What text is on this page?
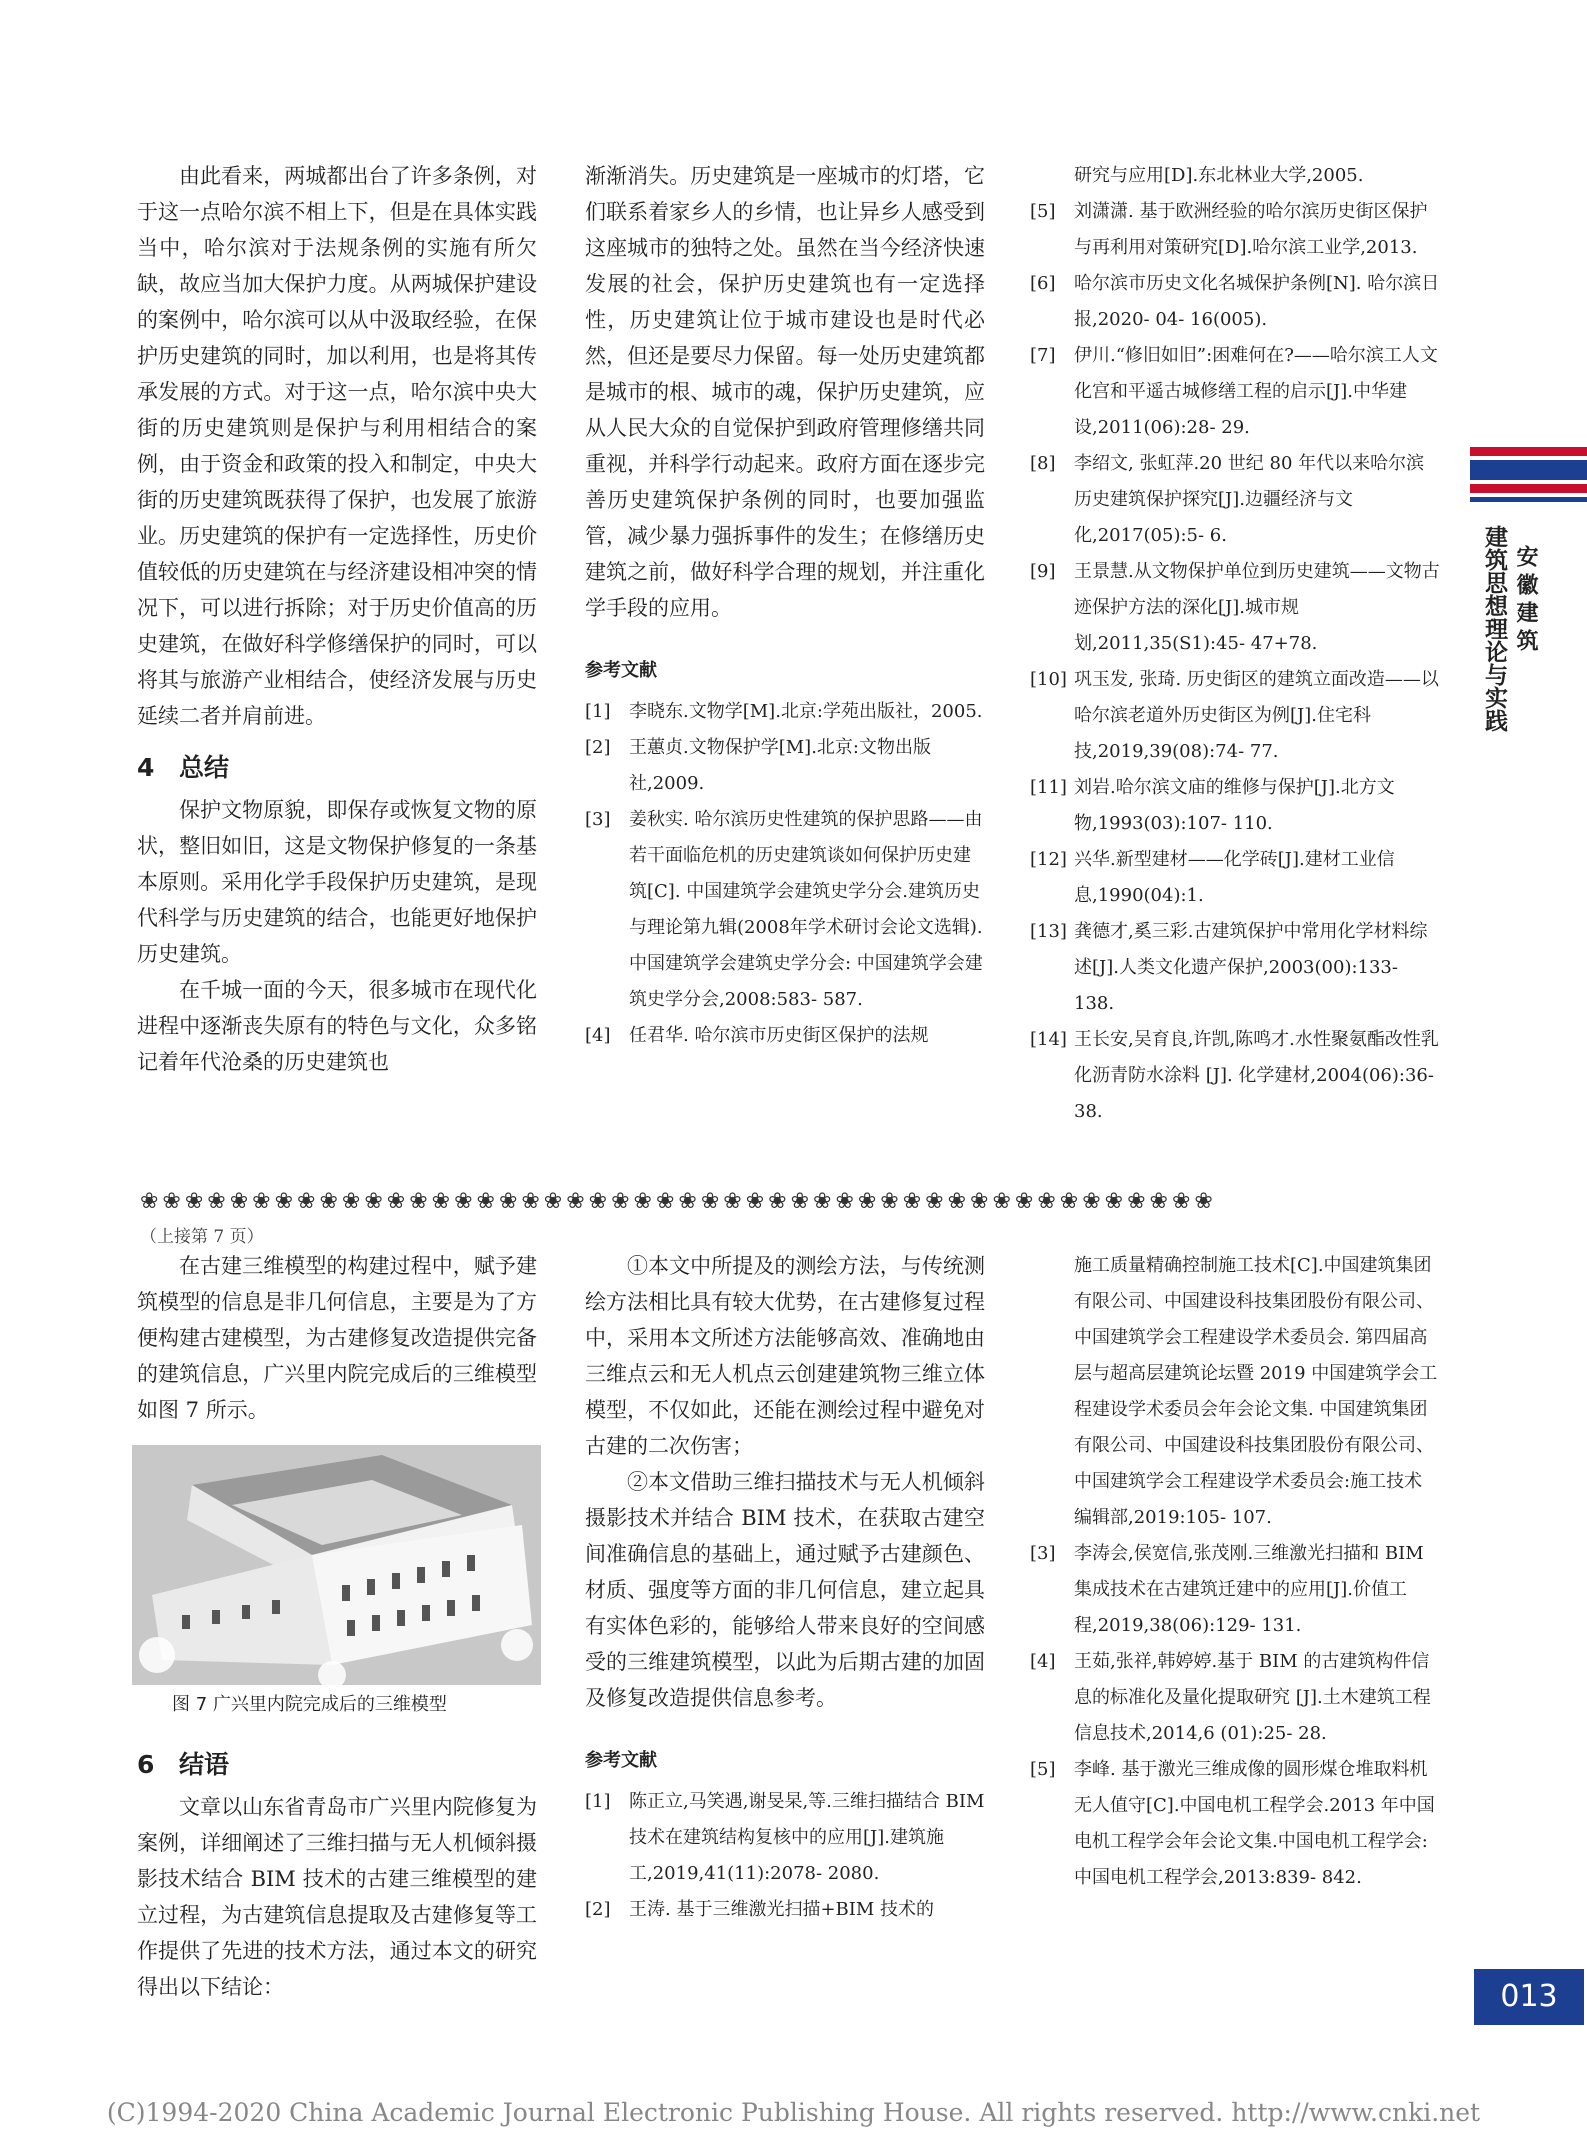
由此看来，两城都出台了许多条例，对于这一点哈尔滨不相上下，但是在具体实践当中，哈尔滨对于法规条例的实施有所欠缺，故应当加大保护力度。从两城保护建设的案例中，哈尔滨可以从中汲取经验，在保护历史建筑的同时，加以利用，也是将其传承发展的方式。对于这一点，哈尔滨中央大街的历史建筑则是保护与利用相结合的案例，由于资金和政策的投入和制定，中央大街的历史建筑既获得了保护，也发展了旅游业。历史建筑的保护有一定选择性，历史价值较低的历史建筑在与经济建设相冲突的情况下，可以进行拆除；对于历史价值高的历史建筑，在做好科学修缮保护的同时，可以将其与旅游产业相结合，使经济发展与历史延续二者并肩前进。

4 总结

保护文物原貌，即保存或恢复文物的原状，整旧如旧，这是文物保护修复的一条基本原则。采用化学手段保护历史建筑，是现代科学与历史建筑的结合，也能更好地保护历史建筑。

在千城一面的今天，很多城市在现代化进程中逐渐丧失原有的特色与文化，众多铭记着年代沧桑的历史建筑也

渐渐消失。历史建筑是一座城市的灯塔，它们联系着家乡人的乡情，也让异乡人感受到这座城市的独特之处。虽然在当今经济快速发展的社会，保护历史建筑也有一定选择性，历史建筑让位于城市建设也是时代必然，但还是要尽力保留。每一处历史建筑都是城市的根、城市的魂，保护历史建筑，应从人民大众的自觉保护到政府管理修缮共同重视，并科学行动起来。政府方面在逐步完善历史建筑保护条例的同时，也要加强监管，减少暴力强拆事件的发生；在修缮历史建筑之前，做好科学合理的规划，并注重化学手段的应用。

参考文献
[1]	李晓东.文物学[M].北京:学苑出版社，2005.
[2]	王蕙贞.文物保护学[M].北京:文物出版社,2009.
[3]	姜秋实. 哈尔滨历史性建筑的保护思路——由若干面临危机的历史建筑谈如何保护历史建筑[C]. 中国建筑学会建筑史学分会.建筑历史与理论第九辑(2008年学术研讨会论文选辑).中国建筑学会建筑史学分会: 中国建筑学会建筑史学分会,2008:583- 587.
[4]	任君华. 哈尔滨市历史街区保护的法规
研究与应用[D].东北林业大学,2005.
[5]	刘潇潇. 基于欧洲经验的哈尔滨历史街区保护与再利用对策研究[D].哈尔滨工业学,2013.
[6]	哈尔滨市历史文化名城保护条例[N]. 哈尔滨日报,2020- 04- 16(005).
[7]	伊川.“修旧如旧”:困难何在?——哈尔滨工人文化宫和平遥古城修缮工程的启示[J].中华建设,2011(06):28- 29.
[8]	李绍文, 张虹萍.20 世纪 80 年代以来哈尔滨历史建筑保护探究[J].边疆经济与文化,2017(05):5- 6.
[9]	王景慧.从文物保护单位到历史建筑——文物古迹保护方法的深化[J].城市规划,2011,35(S1):45- 47+78.
[10] 巩玉发, 张琦. 历史街区的建筑立面改造——以哈尔滨老道外历史街区为例[J].住宅科技,2019,39(08):74- 77.
[11] 刘岩.哈尔滨文庙的维修与保护[J].北方文物,1993(03):107- 110.
[12] 兴华.新型建材——化学砖[J].建材工业信息,1990(04):1.
[13] 龚德才,奚三彩.古建筑保护中常用化学材料综述[J].人类文化遗产保护,2003(00):133- 138.
[14] 王长安,吴育良,许凯,陈鸣才.水性聚氨酯改性乳化沥青防水涂料 [J]. 化学建材,2004(06):36- 38.
❀❀❀❀❀❀❀❀❀❀❀❀❀❀❀❀❀❀❀❀❀❀❀❀❀❀❀❀❀❀❀❀❀❀❀❀❀❀❀❀❀❀❀❀❀❀❀❀
（上接第 7 页）

在古建三维模型的构建过程中，赋予建筑模型的信息是非几何信息，主要是为了方便构建古建模型，为古建修复改造提供完备的建筑信息，广兴里内院完成后的三维模型如图 7 所示。

图 7 广兴里内院完成后的三维模型
6 结语

文章以山东省青岛市广兴里内院修复为案例，详细阐述了三维扫描与无人机倾斜摄影技术结合 BIM 技术的古建三维模型的建立过程，为古建筑信息提取及古建修复等工作提供了先进的技术方法，通过本文的研究得出以下结论：

①本文中所提及的测绘方法，与传统测绘方法相比具有较大优势，在古建修复过程中，采用本文所述方法能够高效、准确地由三维点云和无人机点云创建建筑物三维立体模型，不仅如此，还能在测绘过程中避免对古建的二次伤害；

②本文借助三维扫描技术与无人机倾斜摄影技术并结合 BIM 技术，在获取古建空间准确信息的基础上，通过赋予古建颜色、材质、强度等方面的非几何信息，建立起具有实体色彩的，能够给人带来良好的空间感受的三维建筑模型，以此为后期古建的加固及修复改造提供信息参考。

参考文献
[1]	陈正立,马笑遇,谢旻杲,等.三维扫描结合 BIM 技术在建筑结构复核中的应用[J].建筑施工,2019,41(11):2078- 2080.
[2]	王涛. 基于三维激光扫描+BIM 技术的
施工质量精确控制施工技术[C].中国建筑集团有限公司、中国建设科技集团股份有限公司、中国建筑学会工程建设学术委员会. 第四届高层与超高层建筑论坛暨 2019 中国建筑学会工程建设学术委员会年会论文集. 中国建筑集团有限公司、中国建设科技集团股份有限公司、中国建筑学会工程建设学术委员会:施工技术编辑部,2019:105- 107.
[3]	李涛会,侯宽信,张茂刚.三维激光扫描和 BIM 集成技术在古建筑迁建中的应用[J].价值工程,2019,38(06):129- 131.
[4]	王茹,张祥,韩婷婷.基于 BIM 的古建筑构件信息的标准化及量化提取研究 [J].土木建筑工程信息技术,2014,6 (01):25- 28.
[5]	李峰. 基于激光三维成像的圆形煤仓堆取料机无人值守[C].中国电机工程学会.2013 年中国电机工程学会年会论文集.中国电机工程学会: 中国电机工程学会,2013:839- 842.
建筑思想理论与实践 安徽建筑
013
(C)1994-2020 China Academic Journal Electronic Publishing House. All rights reserved. http://www.cnki.net
